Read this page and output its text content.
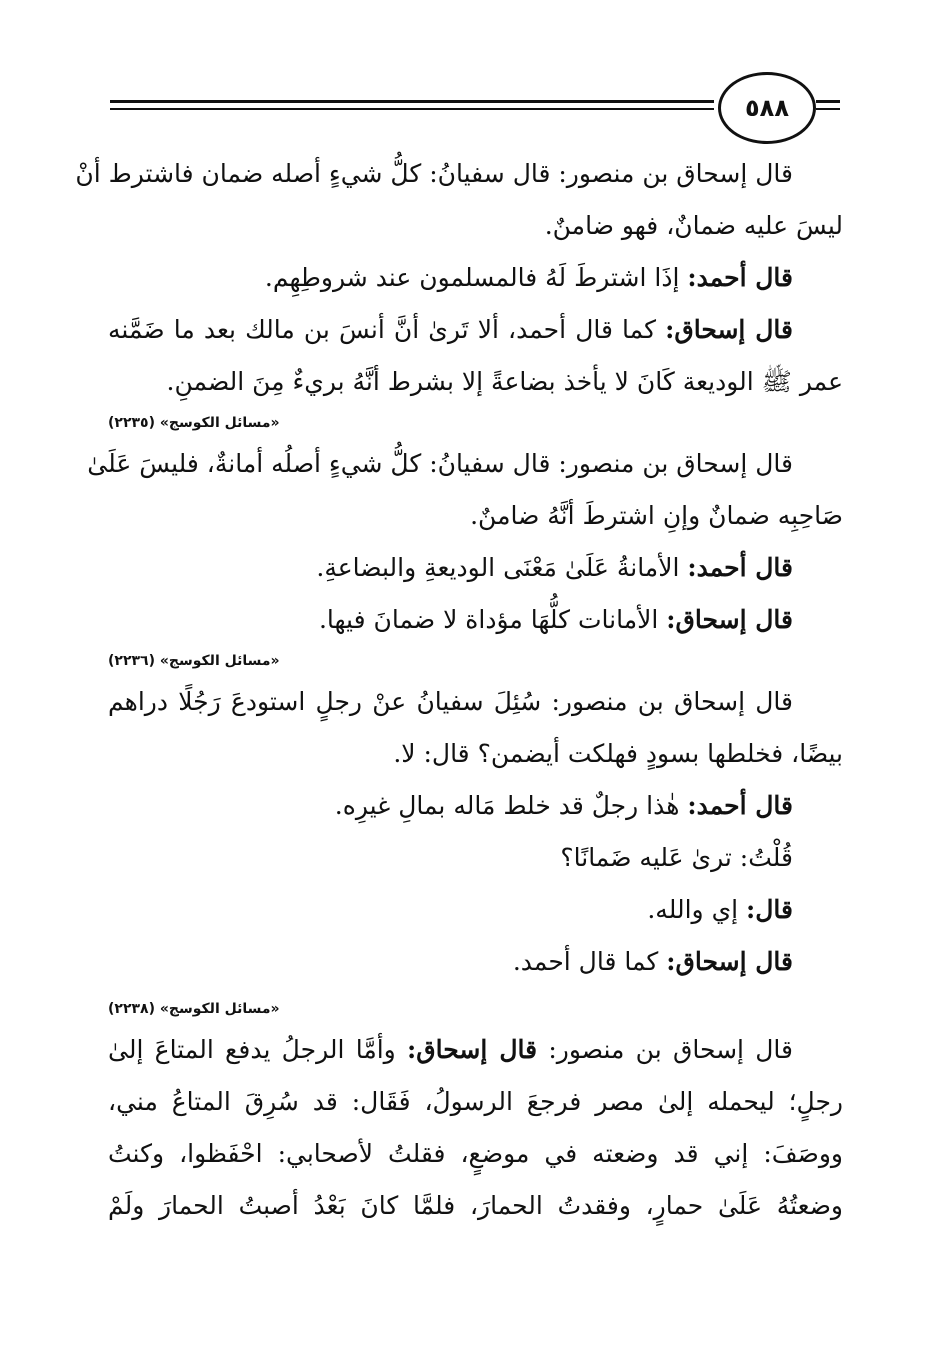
٥٨٨
قال إسحاق بن منصور: قال سفيانُ: كلُّ شيءٍ أصله ضمان فاشترط أنْ
ليسَ عليه ضمانٌ، فهو ضامنٌ.
قال أحمد: إذَا اشترطَ لَهُ فالمسلمون عند شروطِهِم.
قال إسحاق: كما قال أحمد، ألا تَرىٰ أنَّ أنسَ بن مالك بعد ما ضَمَّنه
عمر ﷺ الوديعة كَانَ لا يأخذ بضاعةً إلا بشرط أنَّهُ بريءٌ مِنَ الضمنِ.
«مسائل الكوسج» (٢٢٣٥)
قال إسحاق بن منصور: قال سفيانُ: كلُّ شيءٍ أصلُه أمانةٌ، فليسَ عَلَىٰ
صَاحِبِه ضمانٌ وإنِ اشترطَ أنَّهُ ضامنٌ.
قال أحمد: الأمانةُ عَلَىٰ مَعْنَى الوديعةِ والبضاعةِ.
قال إسحاق: الأمانات كلُّهَا مؤداة لا ضمانَ فيها.
«مسائل الكوسج» (٢٢٣٦)
قال إسحاق بن منصور: سُئِلَ سفيانُ عنْ رجلٍ استودعَ رَجُلًا دراهم
بيضًا، فخلطها بسودٍ فهلكت أيضمن؟ قال: لا.
قال أحمد: هٰذا رجلٌ قد خلط مَاله بمالِ غيرِه.
قُلْتُ: ترىٰ عَليه ضَمانًا؟
قال: إي والله.
قال إسحاق: كما قال أحمد.
«مسائل الكوسج» (٢٢٣٨)
قال إسحاق بن منصور: قال إسحاق: وأمَّا الرجلُ يدفع المتاعَ إلىٰ
رجلٍ؛ ليحمله إلىٰ مصر فرجعَ الرسولُ، فَقَال: قد سُرِقَ المتاعُ مني،
ووصَفَ: إني قد وضعته في موضعٍ، فقلتُ لأصحابي: احْفَظوا، وكنتُ
وضعتُهُ عَلَىٰ حمارٍ، وفقدتُ الحمارَ، فلمَّا كانَ بَعْدُ أصبتُ الحمارَ ولَمْ
